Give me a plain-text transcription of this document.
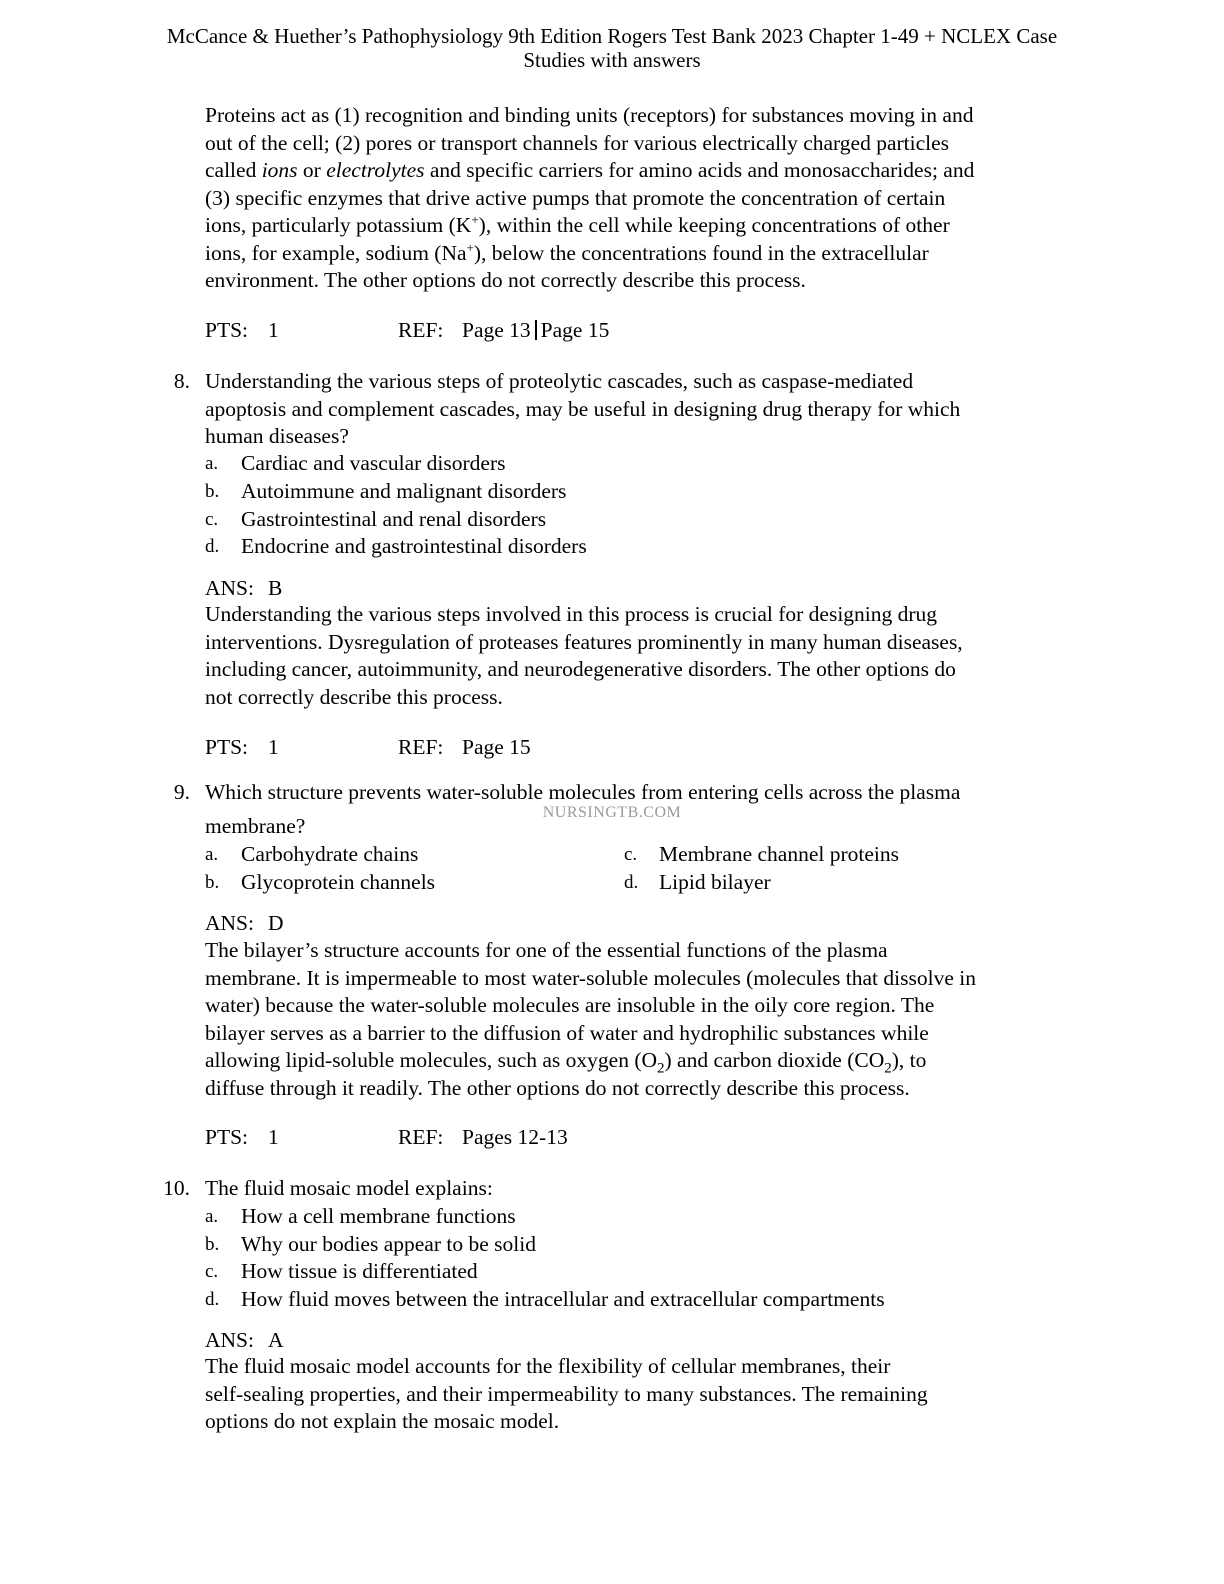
McCance & Huether’s Pathophysiology 9th Edition Rogers Test Bank 2023 Chapter 1-49 + NCLEX Case
Studies with answers
Proteins act as (1) recognition and binding units (receptors) for substances moving in and
out of the cell; (2) pores or transport channels for various electrically charged particles
called ions or electrolytes and specific carriers for amino acids and monosaccharides; and
(3) specific enzymes that drive active pumps that promote the concentration of certain
ions, particularly potassium (K+), within the cell while keeping concentrations of other
ions, for example, sodium (Na+), below the concentrations found in the extracellular
environment. The other options do not correctly describe this process.
PTS: 1	REF: Page 13 Page 15
8. Understanding the various steps of proteolytic cascades, such as caspase-mediated
apoptosis and complement cascades, may be useful in designing drug therapy for which
human diseases?
a.	Cardiac and vascular disorders
b.	Autoimmune and malignant disorders
c.	Gastrointestinal and renal disorders
d.	Endocrine and gastrointestinal disorders
ANS: B
Understanding the various steps involved in this process is crucial for designing drug
interventions. Dysregulation of proteases features prominently in many human diseases,
including cancer, autoimmunity, and neurodegenerative disorders. The other options do
not correctly describe this process.
PTS: 1	REF: Page 15
9. Which structure prevents water-soluble molecules from entering cells across the plasma
membrane?
NURSINGTB.COM
a.	Carbohydrate chains
b.	Glycoprotein channels
c.	Membrane channel proteins
d. Lipid bilayer
ANS: D
The bilayer’s structure accounts for one of the essential functions of the plasma
membrane. It is impermeable to most water-soluble molecules (molecules that dissolve in
water) because the water-soluble molecules are insoluble in the oily core region. The
bilayer serves as a barrier to the diffusion of water and hydrophilic substances while
allowing lipid-soluble molecules, such as oxygen $(O_2)$ and carbon dioxide $(CO_2)$, to
diffuse through it readily. The other options do not correctly describe this process.
PTS: 1	REF: Pages 12-13
10. The fluid mosaic model explains:
a.	How a cell membrane functions
b.	Why our bodies appear to be solid
c.	How tissue is differentiated
d.	How fluid moves between the intracellular and extracellular compartments
ANS: A
The fluid mosaic model accounts for the flexibility of cellular membranes, their
self-sealing properties, and their impermeability to many substances. The remaining
options do not explain the mosaic model.
